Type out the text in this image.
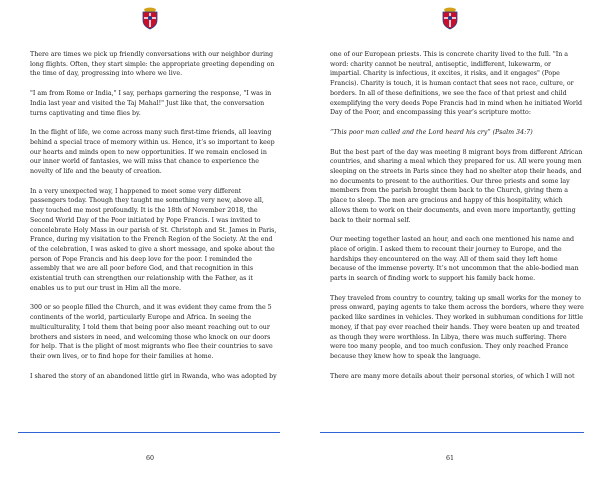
There are times we pick up friendly conversations with our neighbor during long flights. Often, they start simple: the appropriate greeting depending on the time of day, progressing into where we live.

"I am from Rome or India," I say, perhaps garnering the response, "I was in India last year and visited the Taj Mahal!" Just like that, the conversation turns captivating and time flies by.

In the flight of life, we come across many such first-time friends, all leaving behind a special trace of memory within us. Hence, it’s so important to keep our hearts and minds open to new opportunities. If we remain enclosed in our inner world of fantasies, we will miss that chance to experience the novelty of life and the beauty of creation.

In a very unexpected way, I happened to meet some very different passengers today. Though they taught me something very new, above all, they touched me most profoundly. It is the 18th of November 2018, the Second World Day of the Poor initiated by Pope Francis. I was invited to concelebrate Holy Mass in our parish of St. Christoph and St. James in Paris, France, during my visitation to the French Region of the Society. At the end of the celebration, I was asked to give a short message, and spoke about the person of Pope Francis and his deep love for the poor. I reminded the assembly that we are all poor before God, and that recognition in this existential truth can strengthen our relationship with the Father, as it enables us to put our trust in Him all the more.

300 or so people filled the Church, and it was evident they came from the 5 continents of the world, particularly Europe and Africa. In seeing the multiculturality, I told them that being poor also meant reaching out to our brothers and sisters in need, and welcoming those who knock on our doors for help. That is the plight of most migrants who flee their countries to save their own lives, or to find hope for their families at home.

I shared the story of an abandoned little girl in Rwanda, who was adopted by

60

one of our European priests. This is concrete charity lived to the full. "In a word: charity cannot be neutral, antiseptic, indifferent, lukewarm, or impartial. Charity is infectious, it excites, it risks, and it engages" (Pope Francis). Charity is touch, it is human contact that sees not race, culture, or borders. In all of these definitions, we see the face of that priest and child exemplifying the very deeds Pope Francis had in mind when he initiated World Day of the Poor, and encompassing this year’s scripture motto:

“This poor man called and the Lord heard his cry” (Psalm 34:7)

But the best part of the day was meeting 8 migrant boys from different African countries, and sharing a meal which they prepared for us. All were young men sleeping on the streets in Paris since they had no shelter atop their heads, and no documents to present to the authorities. Our three priests and some lay members from the parish brought them back to the Church, giving them a place to sleep. The men are gracious and happy of this hospitality, which allows them to work on their documents, and even more importantly, getting back to their normal self.

Our meeting together lasted an hour, and each one mentioned his name and place of origin. I asked them to recount their journey to Europe, and the hardships they encountered on the way. All of them said they left home because of the immense poverty. It’s not uncommon that the able-bodied man parts in search of finding work to support his family back home.

They traveled from country to country, taking up small works for the money to press onward, paying agents to take them across the borders, where they were packed like sardines in vehicles. They worked in subhuman conditions for little money, if that pay ever reached their hands. They were beaten up and treated as though they were worthless. In Libya, there was much suffering. There were too many people, and too much confusion. They only reached France because they knew how to speak the language.

There are many more details about their personal stories, of which I will not

61
